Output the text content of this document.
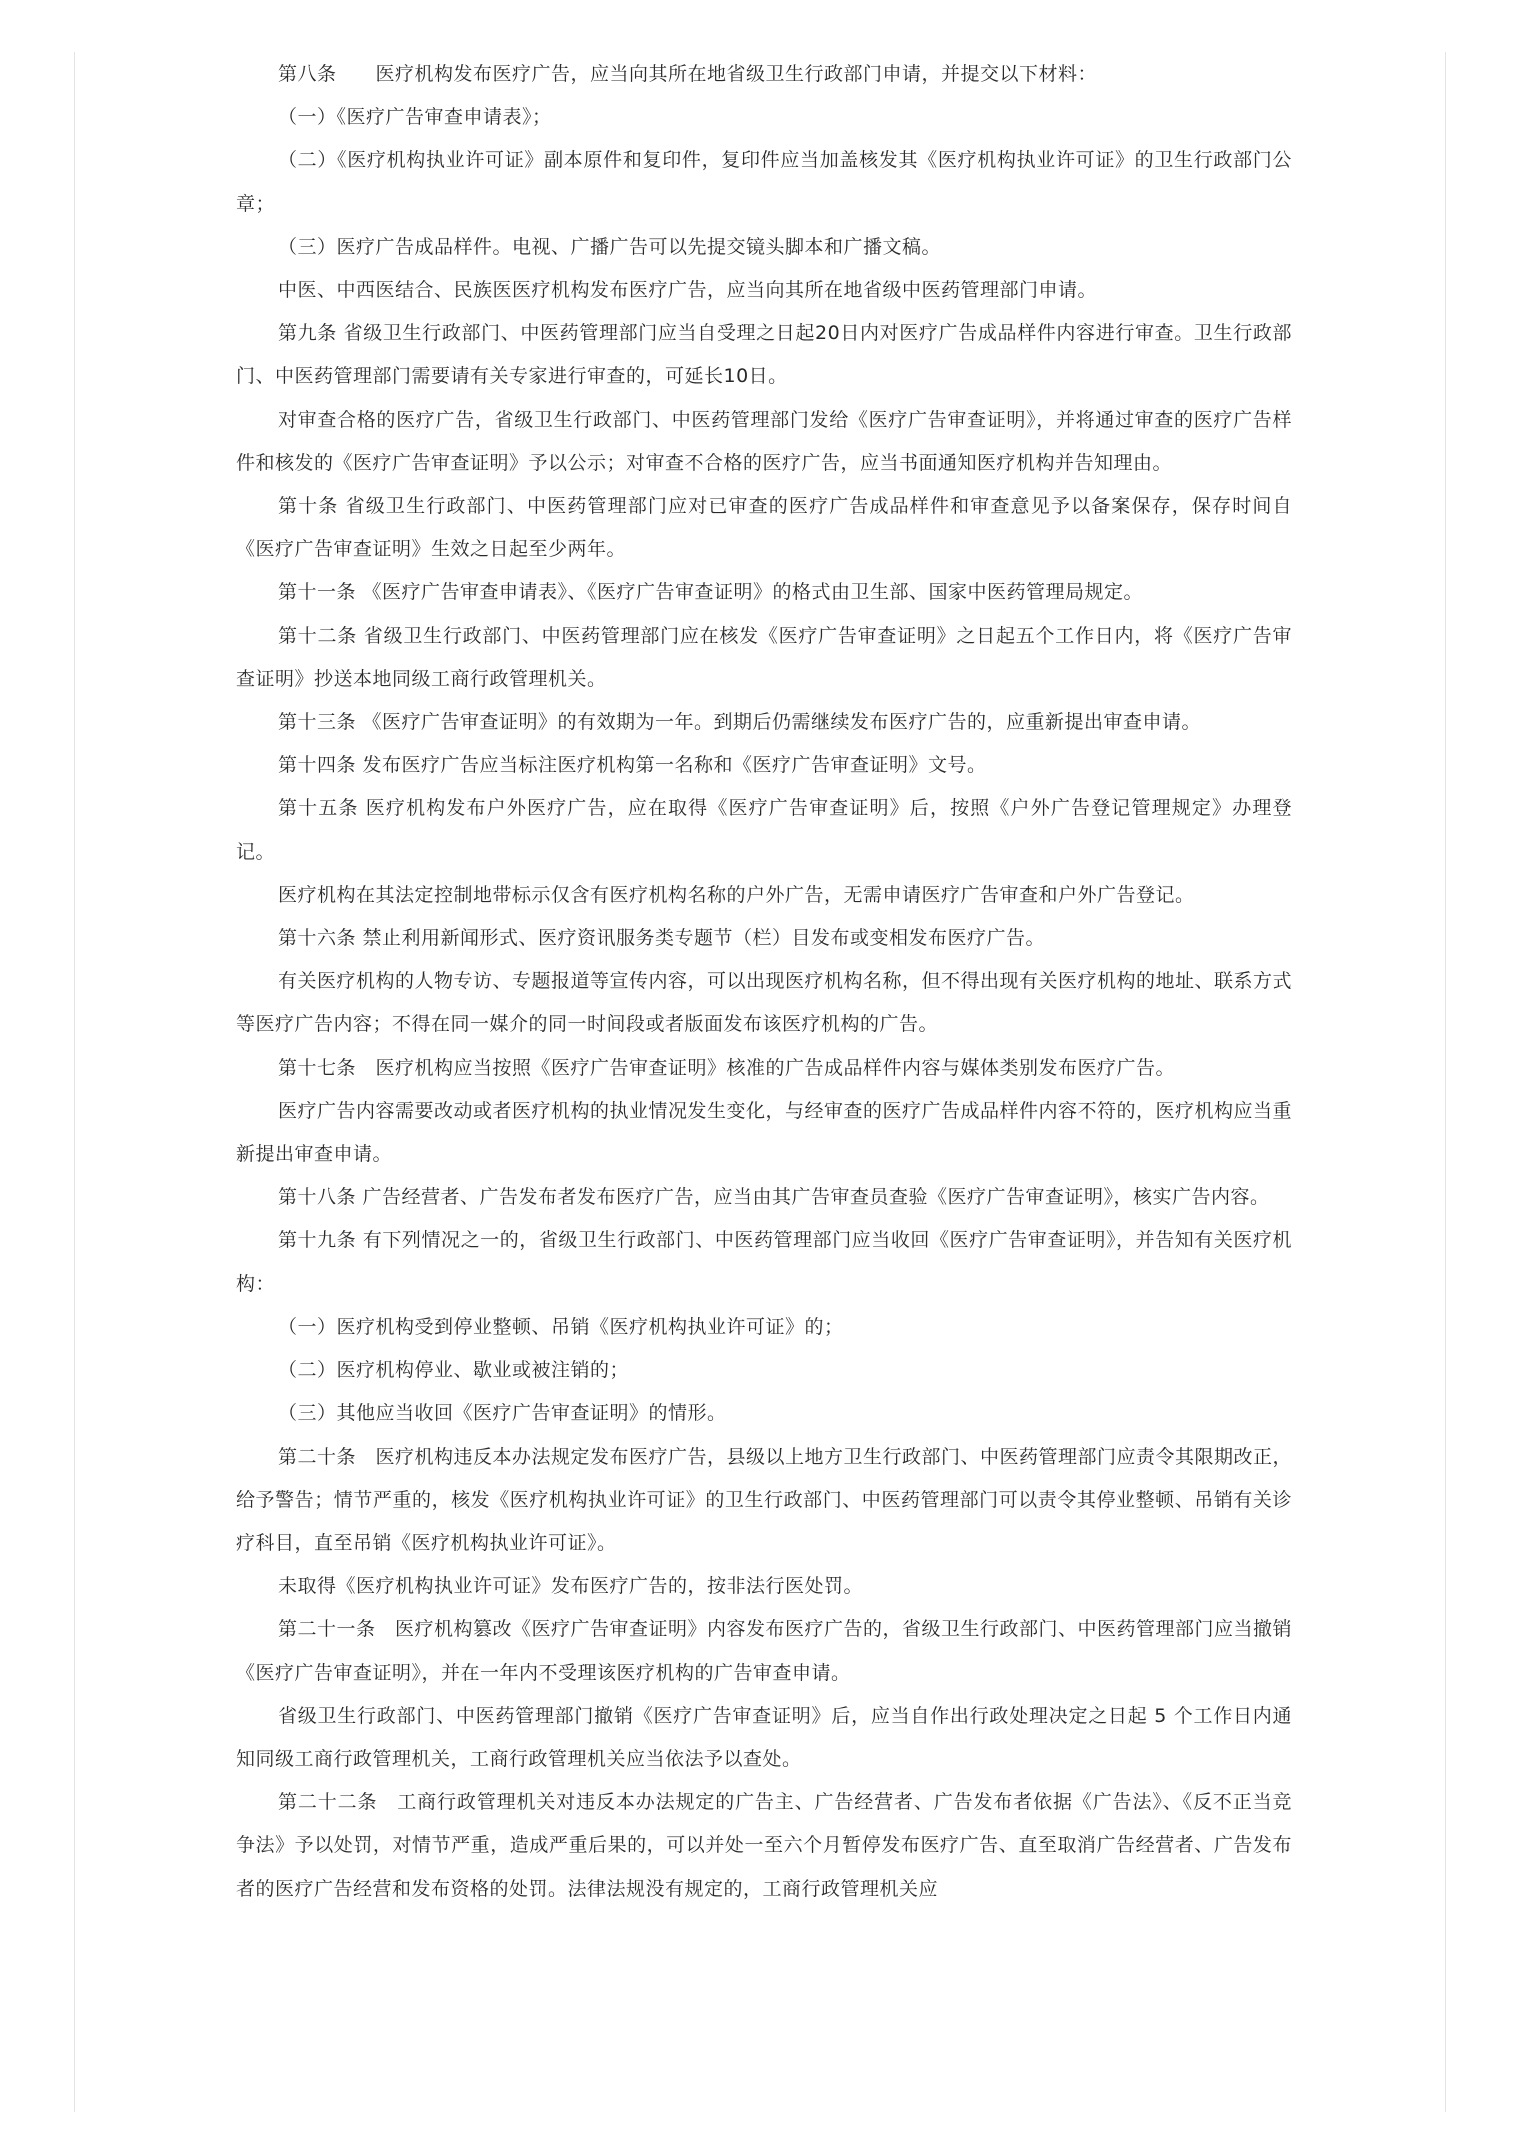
第八条　　医疗机构发布医疗广告，应当向其所在地省级卫生行政部门申请，并提交以下材料：

（一）《医疗广告审查申请表》；

（二）《医疗机构执业许可证》副本原件和复印件，复印件应当加盖核发其《医疗机构执业许可证》的卫生行政部门公章；

（三）医疗广告成品样件。电视、广播广告可以先提交镜头脚本和广播文稿。

中医、中西医结合、民族医医疗机构发布医疗广告，应当向其所在地省级中医药管理部门申请。

第九条 省级卫生行政部门、中医药管理部门应当自受理之日起20日内对医疗广告成品样件内容进行审查。卫生行政部门、中医药管理部门需要请有关专家进行审查的，可延长10日。

对审查合格的医疗广告，省级卫生行政部门、中医药管理部门发给《医疗广告审查证明》，并将通过审查的医疗广告样件和核发的《医疗广告审查证明》予以公示；对审查不合格的医疗广告，应当书面通知医疗机构并告知理由。

第十条 省级卫生行政部门、中医药管理部门应对已审查的医疗广告成品样件和审查意见予以备案保存，保存时间自《医疗广告审查证明》生效之日起至少两年。

第十一条 《医疗广告审查申请表》、《医疗广告审查证明》的格式由卫生部、国家中医药管理局规定。

第十二条 省级卫生行政部门、中医药管理部门应在核发《医疗广告审查证明》之日起五个工作日内，将《医疗广告审查证明》抄送本地同级工商行政管理机关。

第十三条 《医疗广告审查证明》的有效期为一年。到期后仍需继续发布医疗广告的，应重新提出审查申请。

第十四条 发布医疗广告应当标注医疗机构第一名称和《医疗广告审查证明》文号。

第十五条 医疗机构发布户外医疗广告，应在取得《医疗广告审查证明》后，按照《户外广告登记管理规定》办理登记。

医疗机构在其法定控制地带标示仅含有医疗机构名称的户外广告，无需申请医疗广告审查和户外广告登记。

第十六条 禁止利用新闻形式、医疗资讯服务类专题节（栏）目发布或变相发布医疗广告。

有关医疗机构的人物专访、专题报道等宣传内容，可以出现医疗机构名称，但不得出现有关医疗机构的地址、联系方式等医疗广告内容；不得在同一媒介的同一时间段或者版面发布该医疗机构的广告。

第十七条　医疗机构应当按照《医疗广告审查证明》核准的广告成品样件内容与媒体类别发布医疗广告。

医疗广告内容需要改动或者医疗机构的执业情况发生变化，与经审查的医疗广告成品样件内容不符的，医疗机构应当重新提出审查申请。

第十八条 广告经营者、广告发布者发布医疗广告，应当由其广告审查员查验《医疗广告审查证明》，核实广告内容。

第十九条 有下列情况之一的，省级卫生行政部门、中医药管理部门应当收回《医疗广告审查证明》，并告知有关医疗机构：

（一）医疗机构受到停业整顿、吊销《医疗机构执业许可证》的；

（二）医疗机构停业、歇业或被注销的；

（三）其他应当收回《医疗广告审查证明》的情形。

第二十条　医疗机构违反本办法规定发布医疗广告，县级以上地方卫生行政部门、中医药管理部门应责令其限期改正，给予警告；情节严重的，核发《医疗机构执业许可证》的卫生行政部门、中医药管理部门可以责令其停业整顿、吊销有关诊疗科目，直至吊销《医疗机构执业许可证》。

未取得《医疗机构执业许可证》发布医疗广告的，按非法行医处罚。

第二十一条　医疗机构篡改《医疗广告审查证明》内容发布医疗广告的，省级卫生行政部门、中医药管理部门应当撤销《医疗广告审查证明》，并在一年内不受理该医疗机构的广告审查申请。

省级卫生行政部门、中医药管理部门撤销《医疗广告审查证明》后，应当自作出行政处理决定之日起 5 个工作日内通知同级工商行政管理机关，工商行政管理机关应当依法予以查处。

第二十二条　工商行政管理机关对违反本办法规定的广告主、广告经营者、广告发布者依据《广告法》、《反不正当竞争法》予以处罚，对情节严重，造成严重后果的，可以并处一至六个月暂停发布医疗广告、直至取消广告经营者、广告发布者的医疗广告经营和发布资格的处罚。法律法规没有规定的，工商行政管理机关应
